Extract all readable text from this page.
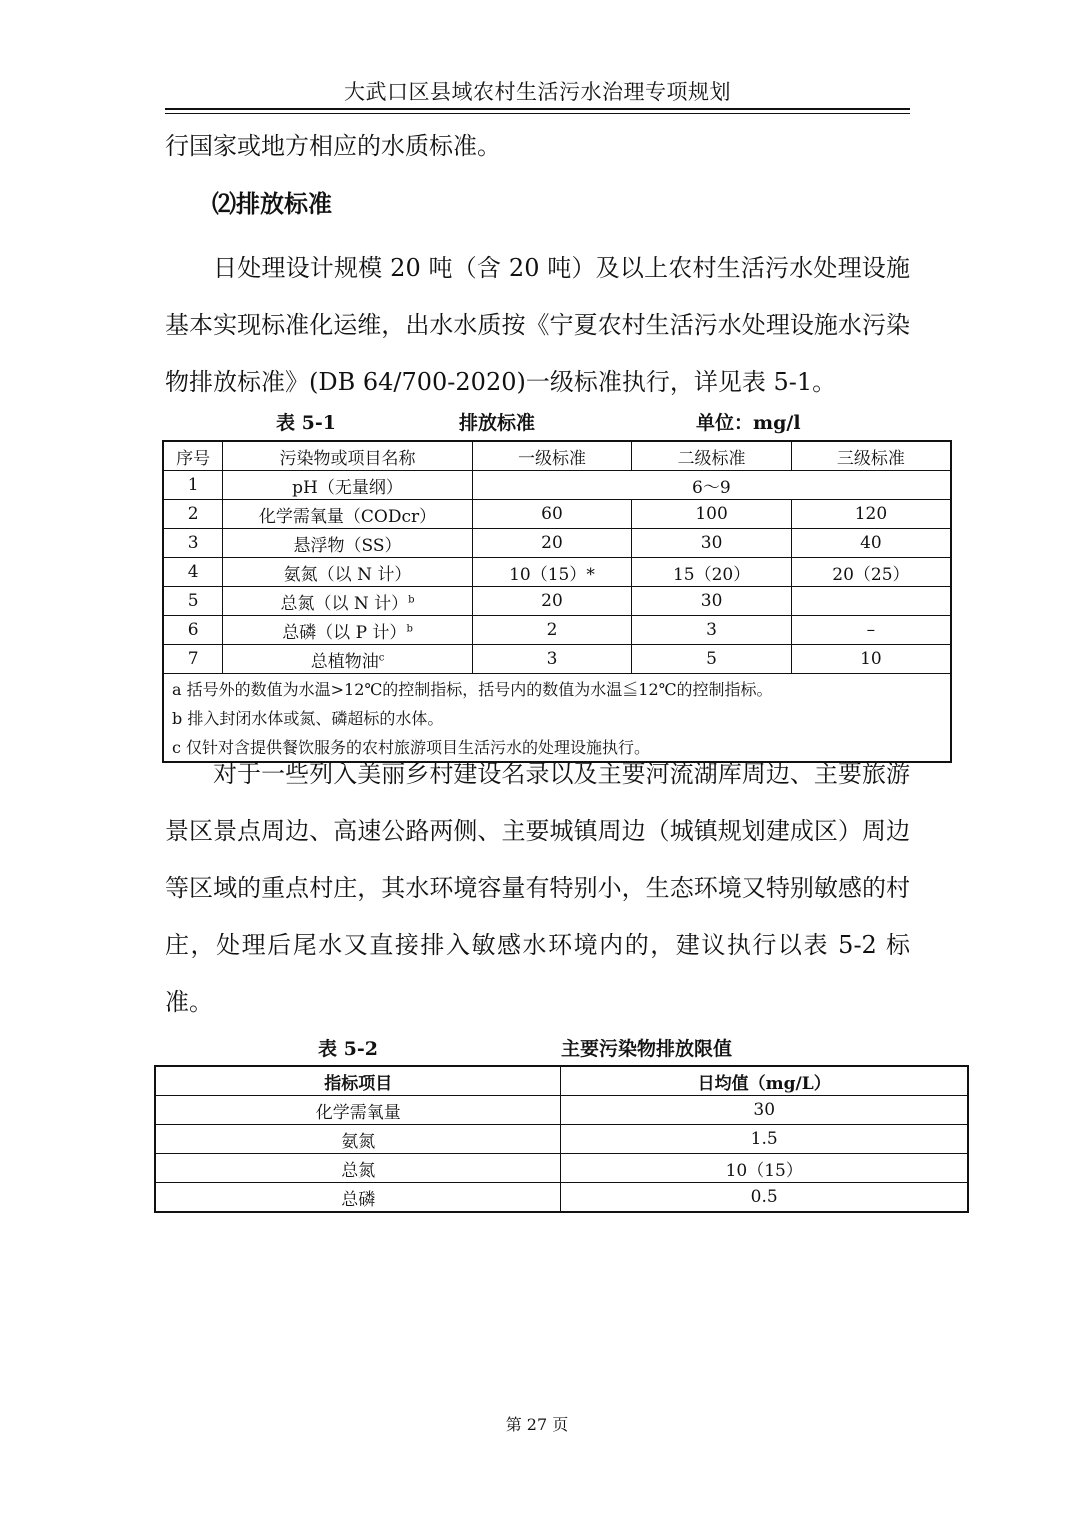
大武口区县域农村生活污水治理专项规划

行国家或地方相应的水质标准。

⑵排放标准

日处理设计规模 20 吨（含 20 吨）及以上农村生活污水处理设施基本实现标准化运维，出水水质按《宁夏农村生活污水处理设施水污染物排放标准》(DB 64/700-2020)一级标准执行，详见表 5-1。

表 5-1	排放标准	单位：mg/l
序号	污染物或项目名称	一级标准	二级标准	三级标准
1	pH（无量纲）	6～9		
2	化学需氧量（CODcr）	60	100	120
3	悬浮物（SS）	20	30	40
4	氨氮（以 N 计）	10（15）*	15（20）	20（25）
5	总氮（以 N 计）$^b$	20	30	
6	总磷（以 P 计）$^b$	2	3	–
7	总植物油$^c$	3	5	10
a 括号外的数值为水温>12℃的控制指标，括号内的数值为水温≦12℃的控制指标。				
b 排入封闭水体或氮、磷超标的水体。				
c 仅针对含提供餐饮服务的农村旅游项目生活污水的处理设施执行。				

对于一些列入美丽乡村建设名录以及主要河流湖库周边、主要旅游景区景点周边、高速公路两侧、主要城镇周边（城镇规划建成区）周边等区域的重点村庄，其水环境容量有特别小，生态环境又特别敏感的村庄，处理后尾水又直接排入敏感水环境内的，建议执行以表 5-2 标准。

表 5-2	主要污染物排放限值
指标项目	日均值（mg/L）
化学需氧量	30
氨氮	1.5
总氮	10（15）
总磷	0.5
第 27 页
